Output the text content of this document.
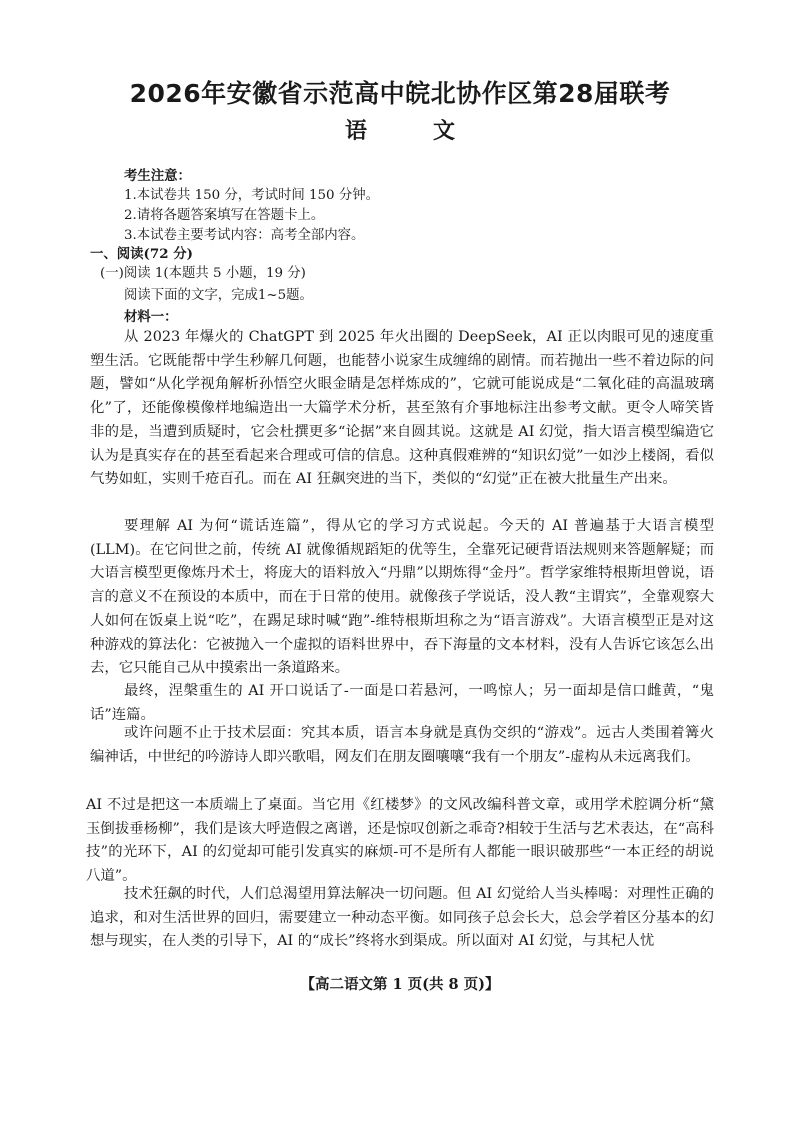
2026年安徽省示范高中皖北协作区第28届联考
语	文
考生注意：
1.本试卷共 150 分，考试时间 150 分钟。
2.请将各题答案填写在答题卡上。
3.本试卷主要考试内容：高考全部内容。
一、阅读(72 分)
(一)阅读 1(本题共 5 小题，19 分)
阅读下面的文字，完成1~5题。
材料一：
从 2023 年爆火的 ChatGPT 到 2025 年火出圈的 DeepSeek，AI 正以肉眼可见的速度重塑生活。它既能帮中学生秒解几何题，也能替小说家生成缠绵的剧情。而若抛出一些不着边际的问题，譬如“从化学视角解析孙悟空火眼金睛是怎样炼成的”，它就可能说成是“二氧化硅的高温玻璃化”了，还能像模像样地编造出一大篇学术分析，甚至煞有介事地标注出参考文献。更令人啼笑皆非的是，当遭到质疑时，它会杜撰更多“论据”来自圆其说。这就是 AI 幻觉，指大语言模型编造它认为是真实存在的甚至看起来合理或可信的信息。这种真假难辨的“知识幻觉”一如沙上楼阁，看似气势如虹，实则千疮百孔。而在 AI 狂飙突进的当下，类似的“幻觉”正在被大批量生产出来。
要理解 AI 为何“谎话连篇”，得从它的学习方式说起。今天的 AI 普遍基于大语言模型(LLM)。在它问世之前，传统 AI 就像循规蹈矩的优等生，全靠死记硬背语法规则来答题解疑；而大语言模型更像炼丹术士，将庞大的语料放入“丹鼎”以期炼得“金丹”。哲学家维特根斯坦曾说，语言的意义不在预设的本质中，而在于日常的使用。就像孩子学说话，没人教“主谓宾”，全靠观察大人如何在饭桌上说“吃”，在踢足球时喊“跑”-维特根斯坦称之为“语言游戏”。大语言模型正是对这种游戏的算法化：它被抛入一个虚拟的语料世界中，吞下海量的文本材料，没有人告诉它该怎么出去，它只能自己从中摸索出一条道路来。
最终，涅槃重生的 AI 开口说话了-一面是口若悬河，一鸣惊人；另一面却是信口雌黄，“鬼话”连篇。
或许问题不止于技术层面：究其本质，语言本身就是真伪交织的“游戏”。远古人类围着篝火编神话，中世纪的吟游诗人即兴歌唱，网友们在朋友圈嚷嚷“我有一个朋友”-虚构从未远离我们。
AI 不过是把这一本质端上了桌面。当它用《红楼梦》的文风改编科普文章，或用学术腔调分析“黛玉倒拔垂杨柳”，我们是该大呼造假之离谱，还是惊叹创新之乖奇?相较于生活与艺术表达，在“高科技”的光环下，AI 的幻觉却可能引发真实的麻烦-可不是所有人都能一眼识破那些“一本正经的胡说八道”。
技术狂飙的时代，人们总渴望用算法解决一切问题。但 AI 幻觉给人当头棒喝：对理性正确的追求，和对生活世界的回归，需要建立一种动态平衡。如同孩子总会长大，总会学着区分基本的幻想与现实，在人类的引导下，AI 的“成长”终将水到渠成。所以面对 AI 幻觉，与其杞人忧
【高二语文第 1 页(共 8 页)】
